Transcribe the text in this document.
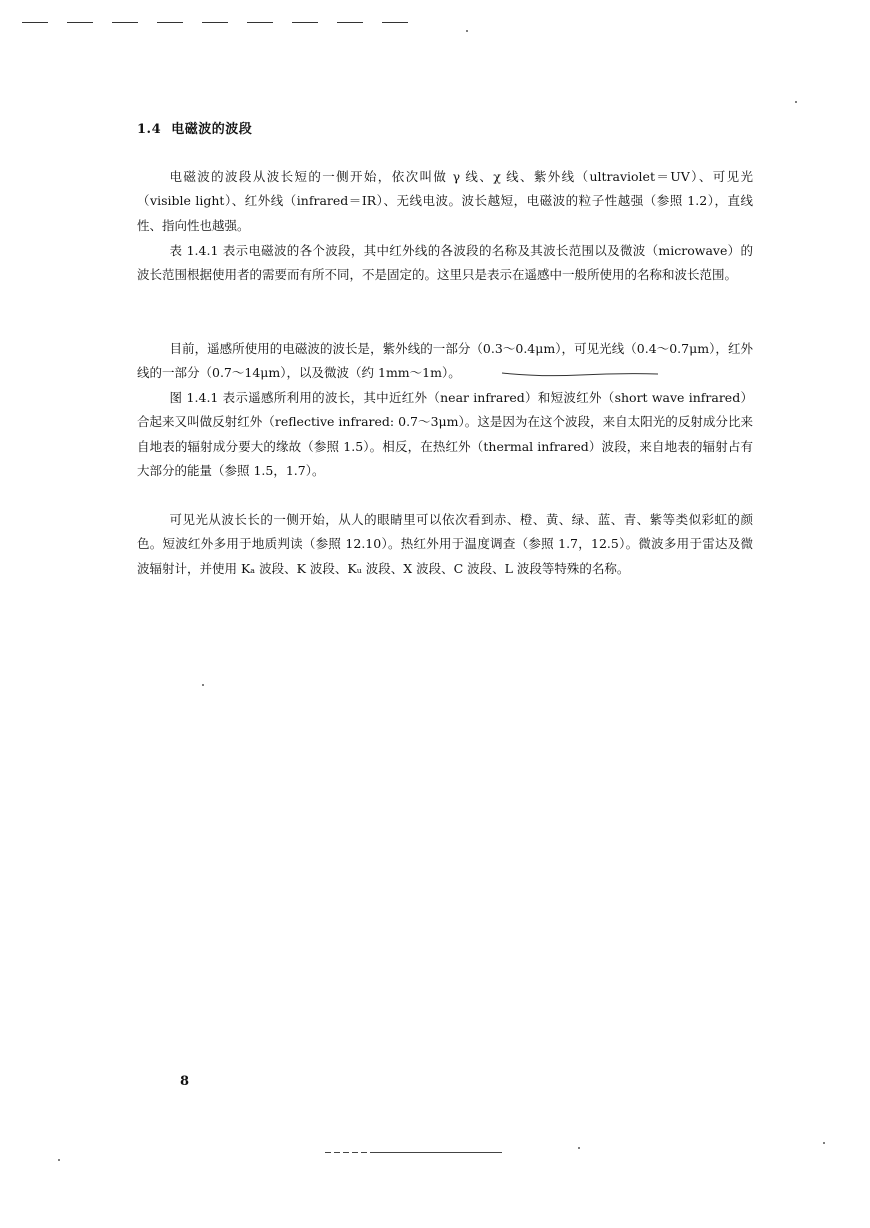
1.4 电磁波的波段

电磁波的波段从波长短的一侧开始，依次叫做 γ 线、χ 线、紫外线（ultraviolet＝UV）、可见光（visible light）、红外线（infrared＝IR）、无线电波。波长越短，电磁波的粒子性越强（参照 1.2），直线性、指向性也越强。

表 1.4.1 表示电磁波的各个波段，其中红外线的各波段的名称及其波长范围以及微波（microwave）的波长范围根据使用者的需要而有所不同，不是固定的。这里只是表示在遥感中一般所使用的名称和波长范围。

目前，遥感所使用的电磁波的波长是，紫外线的一部分（0.3～0.4μm），可见光线（0.4～0.7μm），红外线的一部分（0.7～14μm），以及微波（约 1mm～1m）。

图 1.4.1 表示遥感所利用的波长，其中近红外（near infrared）和短波红外（short wave infrared）合起来又叫做反射红外（reflective infrared: 0.7～3μm）。这是因为在这个波段，来自太阳光的反射成分比来自地表的辐射成分要大的缘故（参照 1.5）。相反，在热红外（thermal infrared）波段，来自地表的辐射占有大部分的能量（参照 1.5，1.7）。

可见光从波长长的一侧开始，从人的眼睛里可以依次看到赤、橙、黄、绿、蓝、青、紫等类似彩虹的颜色。短波红外多用于地质判读（参照 12.10）。热红外用于温度调查（参照 1.7，12.5）。微波多用于雷达及微波辐射计，并使用 Kₐ 波段、K 波段、Kᵤ 波段、X 波段、C 波段、L 波段等特殊的名称。

8
